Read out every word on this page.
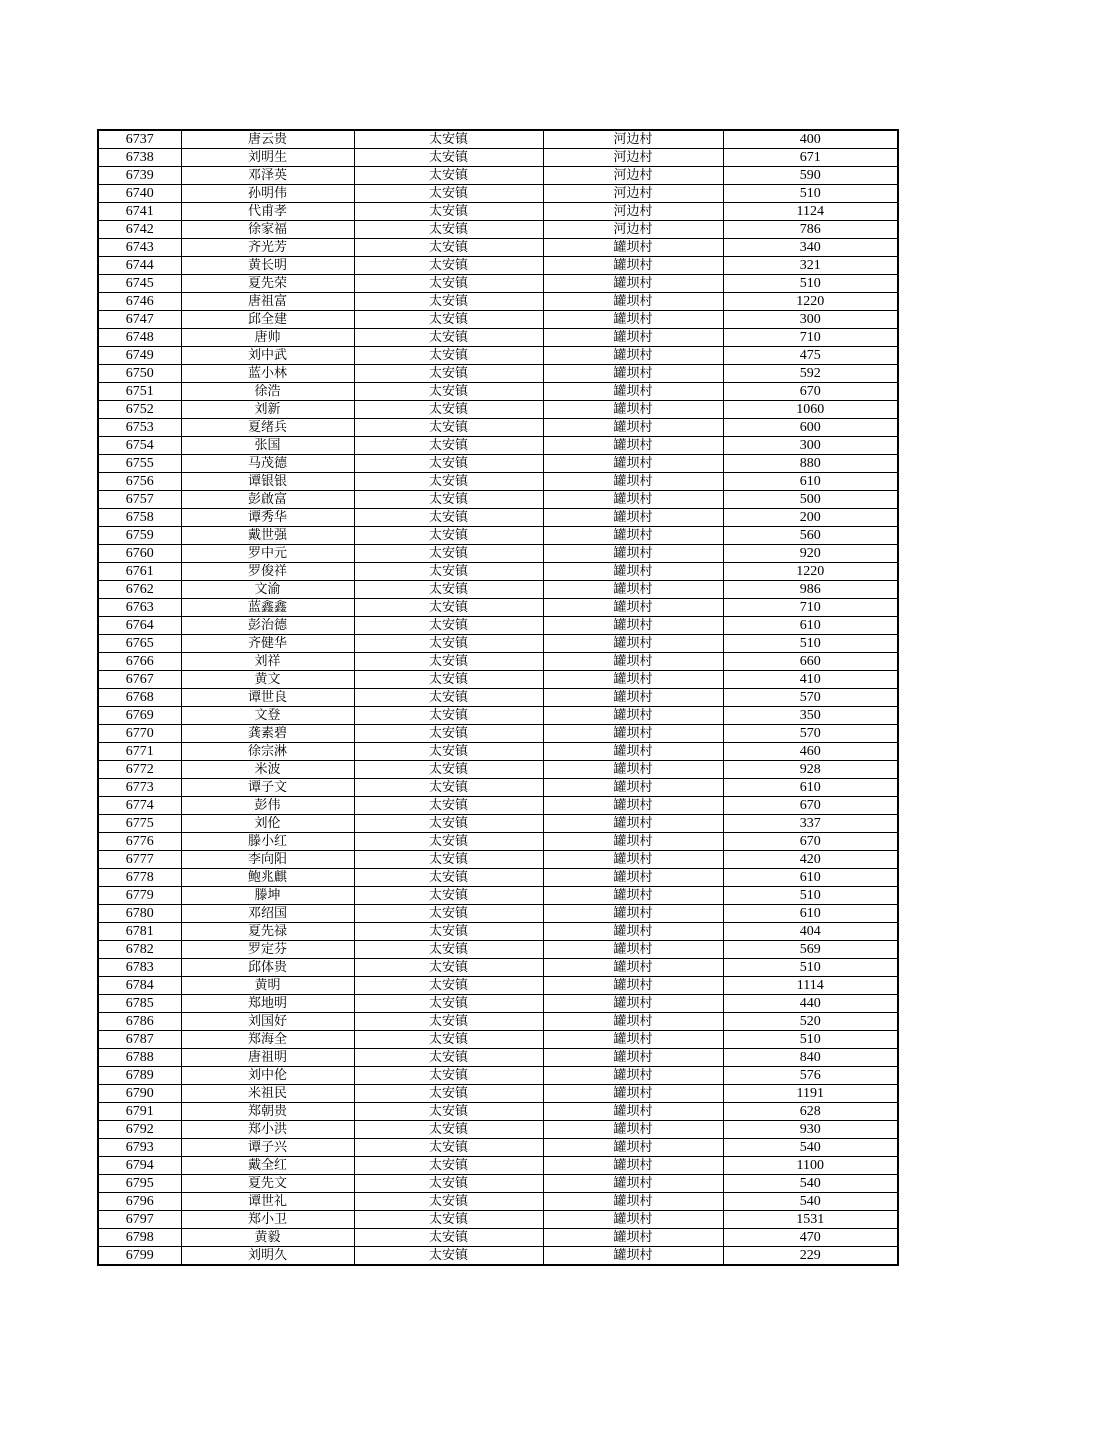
6737	唐云贵	太安镇	河边村	400
6738	刘明生	太安镇	河边村	671
6739	邓泽英	太安镇	河边村	590
6740	孙明伟	太安镇	河边村	510
6741	代甫孝	太安镇	河边村	1124
6742	徐家福	太安镇	河边村	786
6743	齐光芳	太安镇	罐坝村	340
6744	黄长明	太安镇	罐坝村	321
6745	夏先荣	太安镇	罐坝村	510
6746	唐祖富	太安镇	罐坝村	1220
6747	邱全建	太安镇	罐坝村	300
6748	唐帅	太安镇	罐坝村	710
6749	刘中武	太安镇	罐坝村	475
6750	蓝小林	太安镇	罐坝村	592
6751	徐浩	太安镇	罐坝村	670
6752	刘新	太安镇	罐坝村	1060
6753	夏绪兵	太安镇	罐坝村	600
6754	张国	太安镇	罐坝村	300
6755	马茂德	太安镇	罐坝村	880
6756	谭银银	太安镇	罐坝村	610
6757	彭啟富	太安镇	罐坝村	500
6758	谭秀华	太安镇	罐坝村	200
6759	戴世强	太安镇	罐坝村	560
6760	罗中元	太安镇	罐坝村	920
6761	罗俊祥	太安镇	罐坝村	1220
6762	文渝	太安镇	罐坝村	986
6763	蓝鑫鑫	太安镇	罐坝村	710
6764	彭治德	太安镇	罐坝村	610
6765	齐健华	太安镇	罐坝村	510
6766	刘祥	太安镇	罐坝村	660
6767	黄文	太安镇	罐坝村	410
6768	谭世良	太安镇	罐坝村	570
6769	文登	太安镇	罐坝村	350
6770	龚素碧	太安镇	罐坝村	570
6771	徐宗淋	太安镇	罐坝村	460
6772	米波	太安镇	罐坝村	928
6773	谭子文	太安镇	罐坝村	610
6774	彭伟	太安镇	罐坝村	670
6775	刘伦	太安镇	罐坝村	337
6776	滕小红	太安镇	罐坝村	670
6777	李向阳	太安镇	罐坝村	420
6778	鲍兆麒	太安镇	罐坝村	610
6779	滕坤	太安镇	罐坝村	510
6780	邓绍国	太安镇	罐坝村	610
6781	夏先禄	太安镇	罐坝村	404
6782	罗定芬	太安镇	罐坝村	569
6783	邱体贵	太安镇	罐坝村	510
6784	黄明	太安镇	罐坝村	1114
6785	郑地明	太安镇	罐坝村	440
6786	刘国好	太安镇	罐坝村	520
6787	郑海全	太安镇	罐坝村	510
6788	唐祖明	太安镇	罐坝村	840
6789	刘中伦	太安镇	罐坝村	576
6790	米祖民	太安镇	罐坝村	1191
6791	郑朝贵	太安镇	罐坝村	628
6792	郑小洪	太安镇	罐坝村	930
6793	谭子兴	太安镇	罐坝村	540
6794	戴全红	太安镇	罐坝村	1100
6795	夏先文	太安镇	罐坝村	540
6796	谭世礼	太安镇	罐坝村	540
6797	郑小卫	太安镇	罐坝村	1531
6798	黄毅	太安镇	罐坝村	470
6799	刘明久	太安镇	罐坝村	229
